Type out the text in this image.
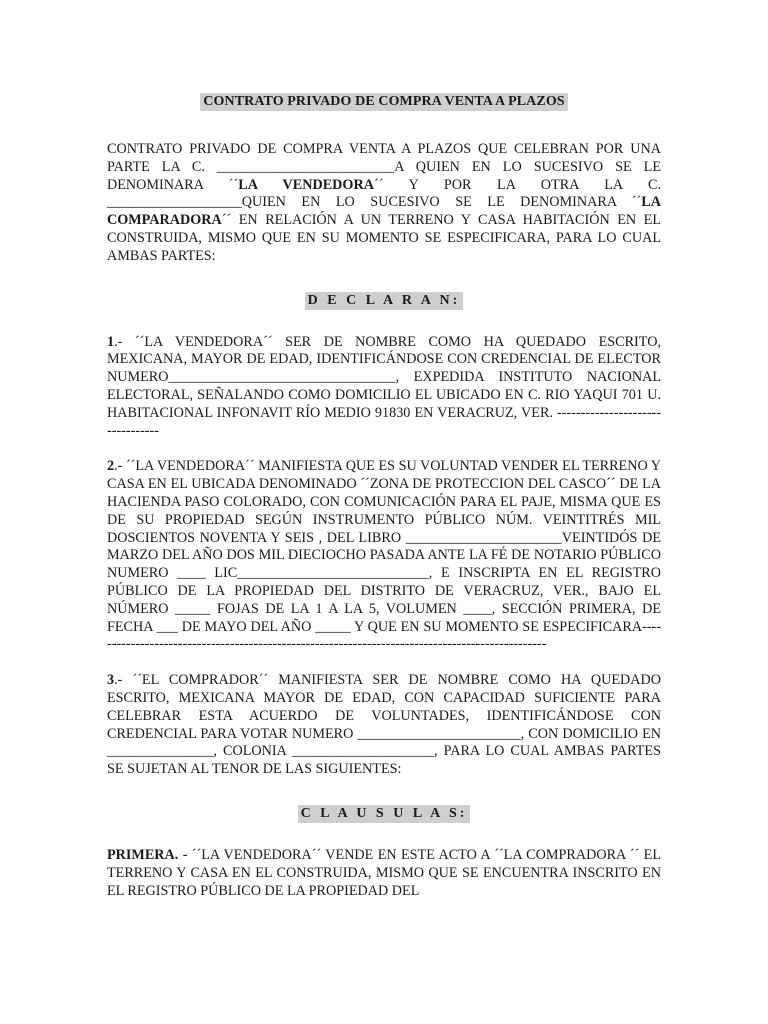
CONTRATO PRIVADO DE COMPRA VENTA A PLAZOS

CONTRATO PRIVADO DE COMPRA VENTA A PLAZOS QUE CELEBRAN POR UNA PARTE LA C. _________________________A QUIEN EN LO SUCESIVO SE LE DENOMINARA ´´LA VENDEDORA´´ Y POR LA OTRA LA C. ___________________QUIEN EN LO SUCESIVO SE LE DENOMINARA ´´LA COMPARADORA´´ EN RELACIÓN A UN TERRENO Y CASA HABITACIÓN EN EL CONSTRUIDA, MISMO QUE EN SU MOMENTO SE ESPECIFICARA, PARA LO CUAL AMBAS PARTES:

D E C L A R A N:

1.- ´´LA VENDEDORA´´ SER DE NOMBRE COMO HA QUEDADO ESCRITO, MEXICANA, MAYOR DE EDAD, IDENTIFICÁNDOSE CON CREDENCIAL DE ELECTOR NUMERO________________________________, EXPEDIDA INSTITUTO NACIONAL ELECTORAL, SEÑALANDO COMO DOMICILIO EL UBICADO EN C. RIO YAQUI 701 U. HABITACIONAL INFONAVIT RÍO MEDIO 91830 EN VERACRUZ, VER. ---------------------------------

2.- ´´LA VENDEDORA´´ MANIFIESTA QUE ES SU VOLUNTAD VENDER EL TERRENO Y CASA EN EL UBICADA DENOMINADO ´´ZONA DE PROTECCION DEL CASCO´´ DE LA HACIENDA PASO COLORADO, CON COMUNICACIÓN PARA EL PAJE, MISMA QUE ES DE SU PROPIEDAD SEGÚN INSTRUMENTO PÚBLICO NÚM. VEINTITRÉS MIL DOSCIENTOS NOVENTA Y SEIS , DEL LIBRO ______________________VEINTIDÓS DE MARZO DEL AÑO DOS MIL DIECIOCHO PASADA ANTE LA FÉ DE NOTARIO PÚBLICO NUMERO ____ LIC___________________________, E INSCRIPTA EN EL REGISTRO PÚBLICO DE LA PROPIEDAD DEL DISTRITO DE VERACRUZ, VER., BAJO EL NÚMERO _____ FOJAS DE LA 1 A LA 5, VOLUMEN ____, SECCIÓN PRIMERA, DE FECHA ___ DE MAYO DEL AÑO _____ Y QUE EN SU MOMENTO SE ESPECIFICARA-------------------------------------------------------------------------------------------------

3.- ´´EL COMPRADOR´´ MANIFIESTA SER DE NOMBRE COMO HA QUEDADO ESCRITO, MEXICANA MAYOR DE EDAD, CON CAPACIDAD SUFICIENTE PARA CELEBRAR ESTA ACUERDO DE VOLUNTADES, IDENTIFICÁNDOSE CON CREDENCIAL PARA VOTAR NUMERO _______________________, CON DOMICILIO EN _______________, COLONIA ____________________, PARA LO CUAL AMBAS PARTES SE SUJETAN AL TENOR DE LAS SIGUIENTES:

C L A U S U L A S:

PRIMERA. - ´´LA VENDEDORA´´ VENDE EN ESTE ACTO A ´´LA COMPRADORA ´´ EL TERRENO Y CASA EN EL CONSTRUIDA, MISMO QUE SE ENCUENTRA INSCRITO EN EL REGISTRO PÚBLICO DE LA PROPIEDAD DEL
